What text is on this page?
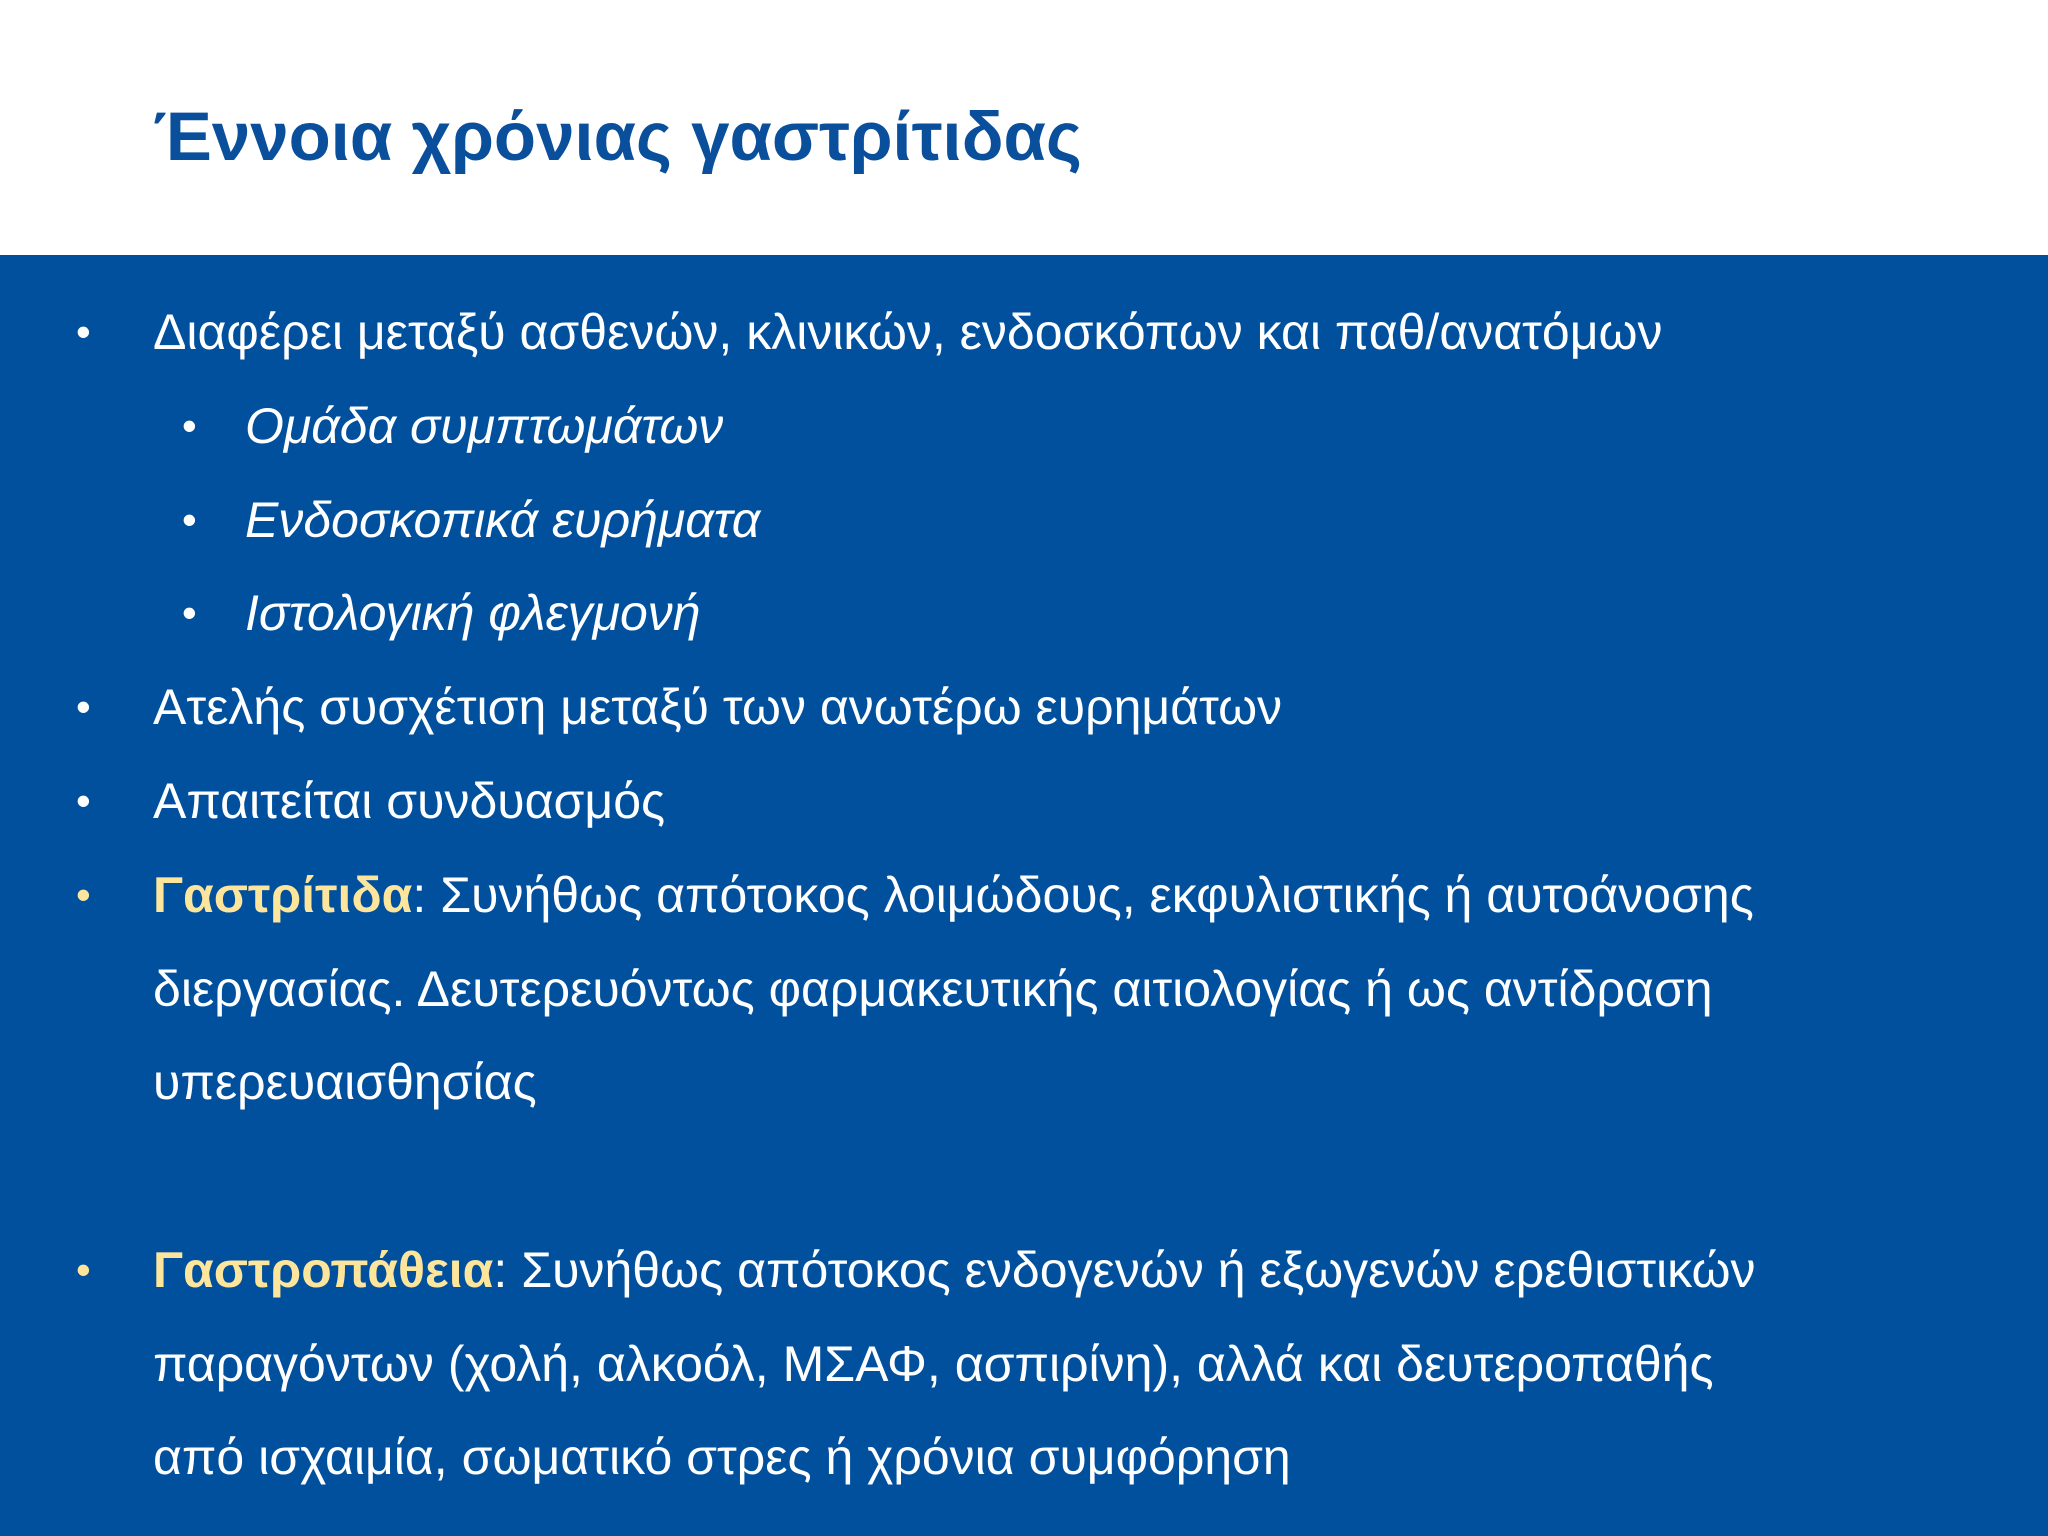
Έννοια χρόνιας γαστρίτιδας
• Διαφέρει μεταξύ ασθενών, κλινικών, ενδοσκόπων και παθ/ανατόμων
• Ομάδα συμπτωμάτων
• Ενδοσκοπικά ευρήματα
• Ιστολογική φλεγμονή
• Ατελής συσχέτιση μεταξύ των ανωτέρω ευρημάτων
• Απαιτείται συνδυασμός
• Γαστρίτιδα: Συνήθως απότοκος λοιμώδους, εκφυλιστικής ή αυτοάνοσης
διεργασίας. Δευτερευόντως φαρμακευτικής αιτιολογίας ή ως αντίδραση
υπερευαισθησίας
• Γαστροπάθεια: Συνήθως απότοκος ενδογενών ή εξωγενών ερεθιστικών
παραγόντων (χολή, αλκοόλ, ΜΣΑΦ, ασπιρίνη), αλλά και δευτεροπαθής
από ισχαιμία, σωματικό στρες ή χρόνια συμφόρηση
